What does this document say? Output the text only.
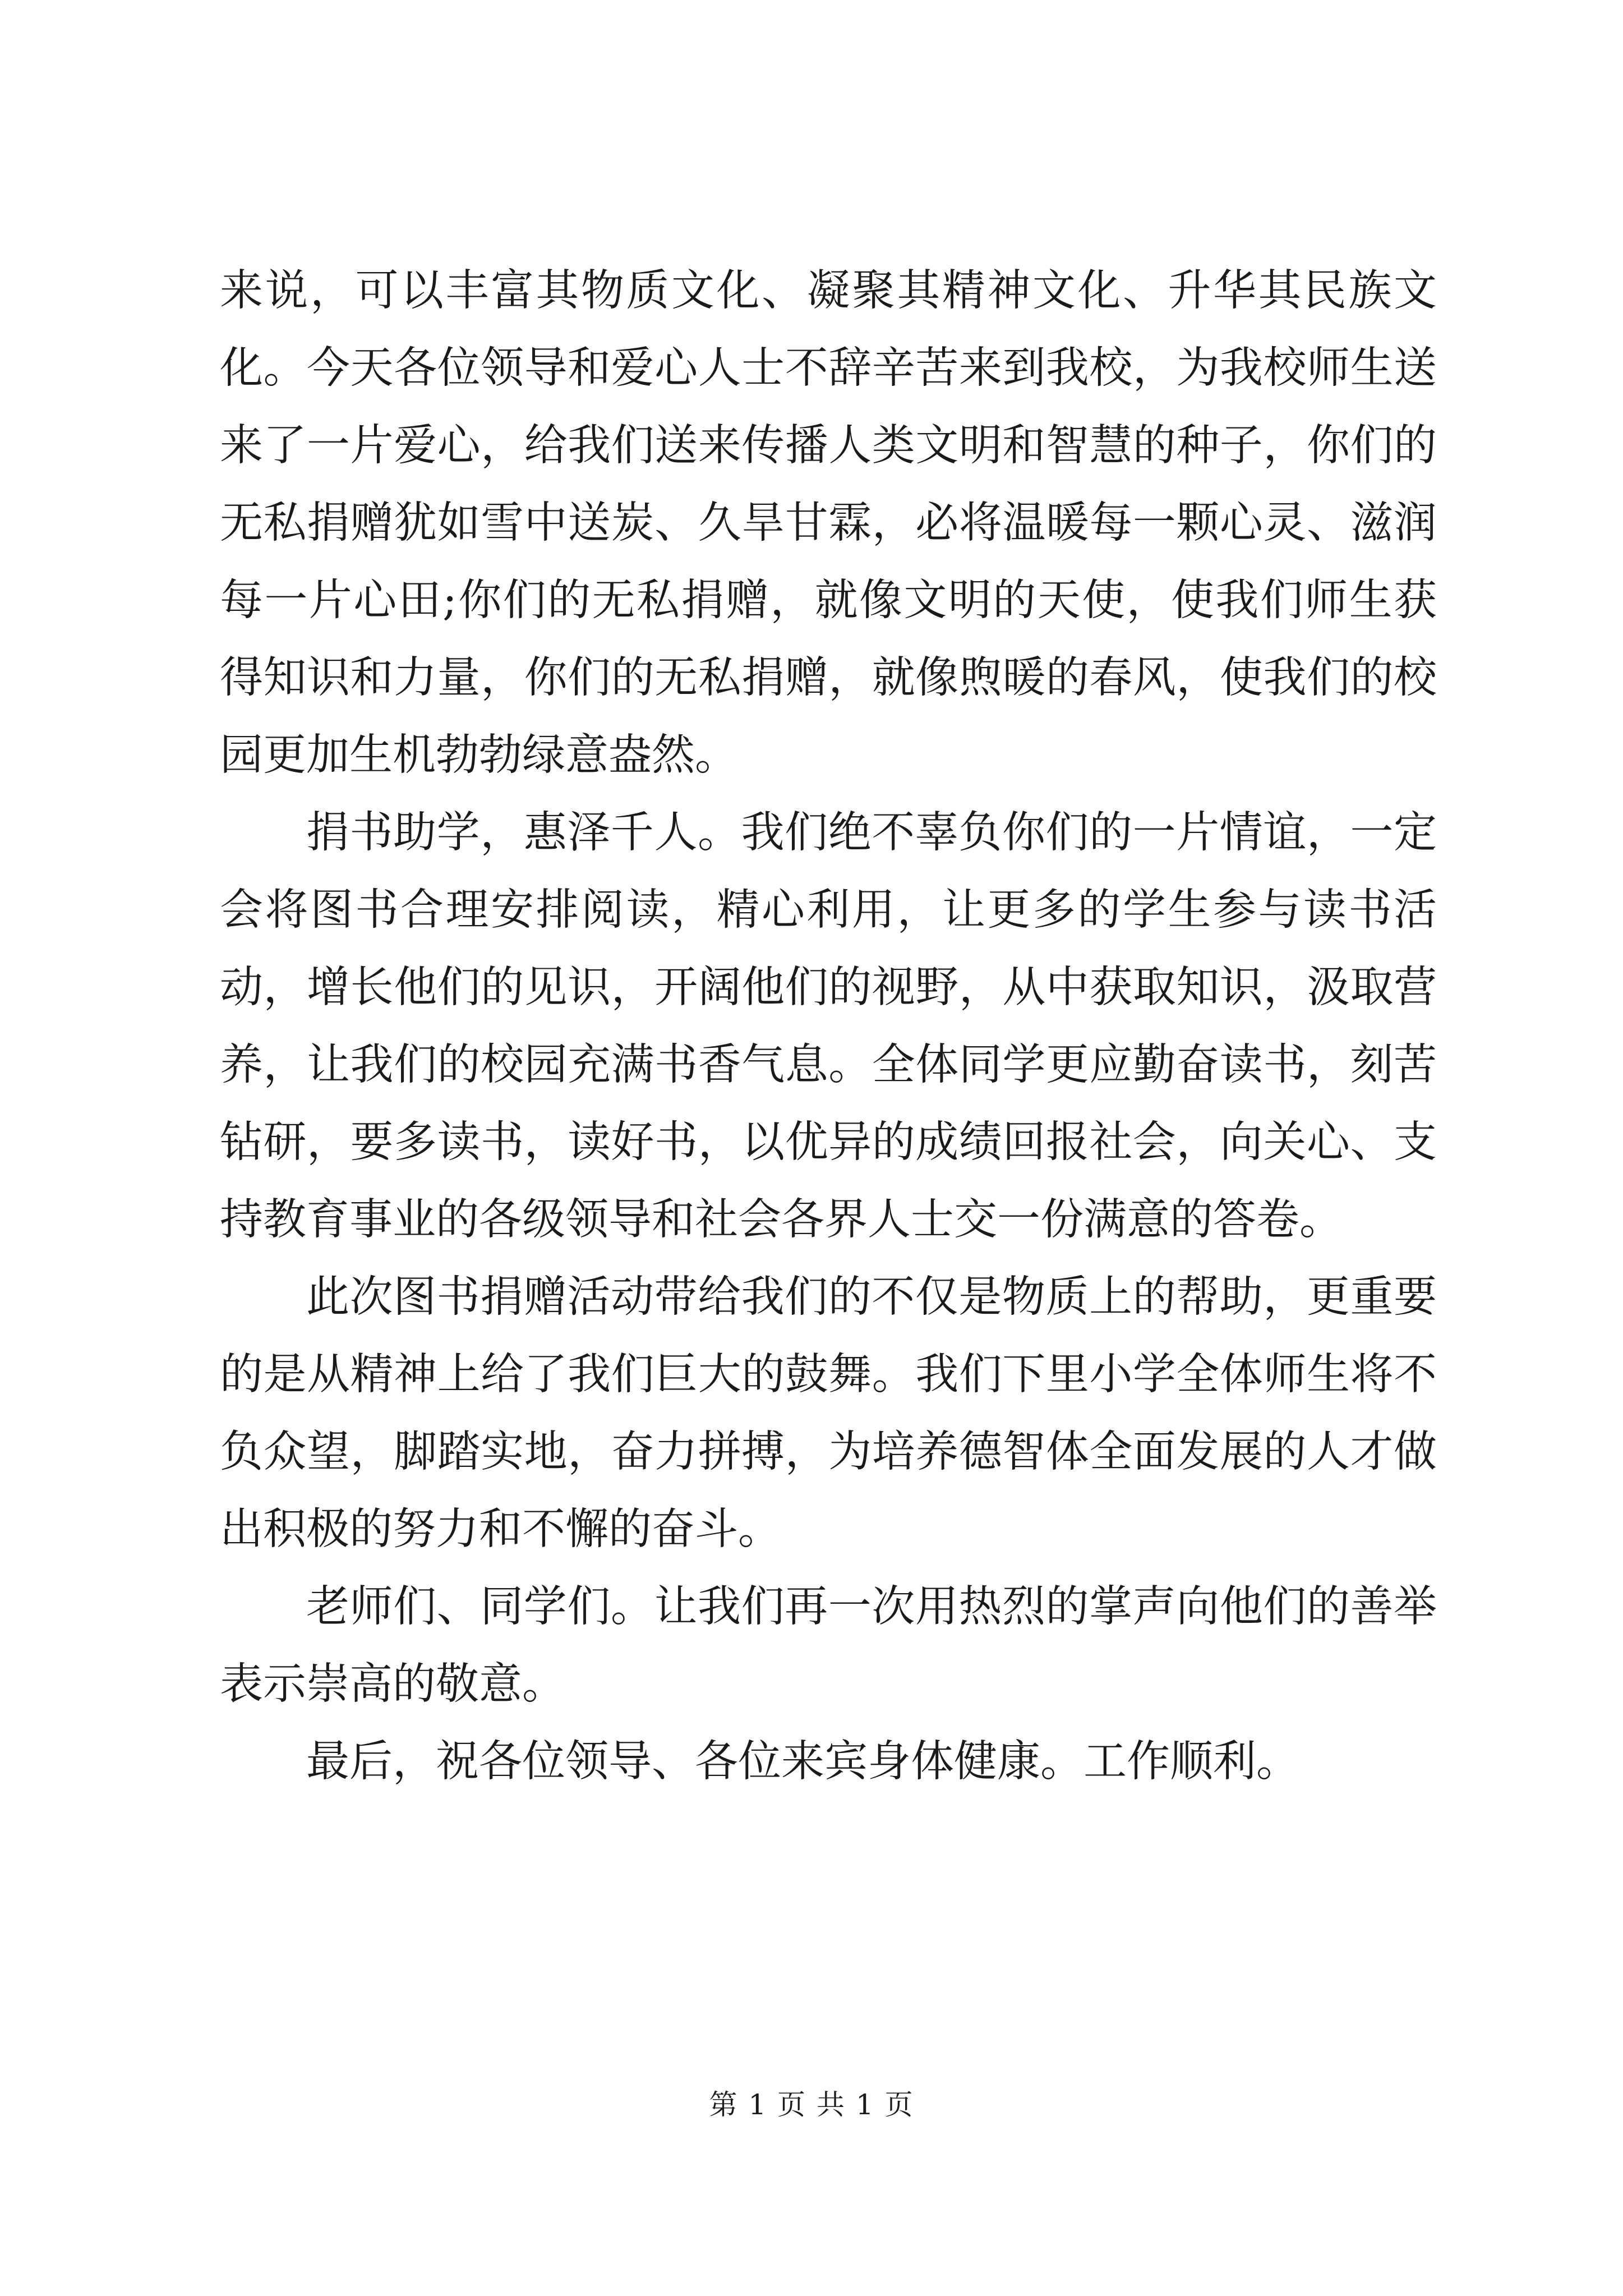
来说，可以丰富其物质文化、凝聚其精神文化、升华其民族文化。今天各位领导和爱心人士不辞辛苦来到我校，为我校师生送来了一片爱心，给我们送来传播人类文明和智慧的种子，你们的无私捐赠犹如雪中送炭、久旱甘霖，必将温暖每一颗心灵、滋润每一片心田;你们的无私捐赠，就像文明的天使，使我们师生获得知识和力量，你们的无私捐赠，就像煦暖的春风，使我们的校园更加生机勃勃绿意盎然。

捐书助学，惠泽千人。我们绝不辜负你们的一片情谊，一定会将图书合理安排阅读，精心利用，让更多的学生参与读书活动，增长他们的见识，开阔他们的视野，从中获取知识，汲取营养，让我们的校园充满书香气息。全体同学更应勤奋读书，刻苦钻研，要多读书，读好书，以优异的成绩回报社会，向关心、支持教育事业的各级领导和社会各界人士交一份满意的答卷。

此次图书捐赠活动带给我们的不仅是物质上的帮助，更重要的是从精神上给了我们巨大的鼓舞。我们下里小学全体师生将不负众望，脚踏实地，奋力拼搏，为培养德智体全面发展的人才做出积极的努力和不懈的奋斗。

老师们、同学们。让我们再一次用热烈的掌声向他们的善举表示崇高的敬意。

最后，祝各位领导、各位来宾身体健康。工作顺利。

第 1 页 共 1 页
